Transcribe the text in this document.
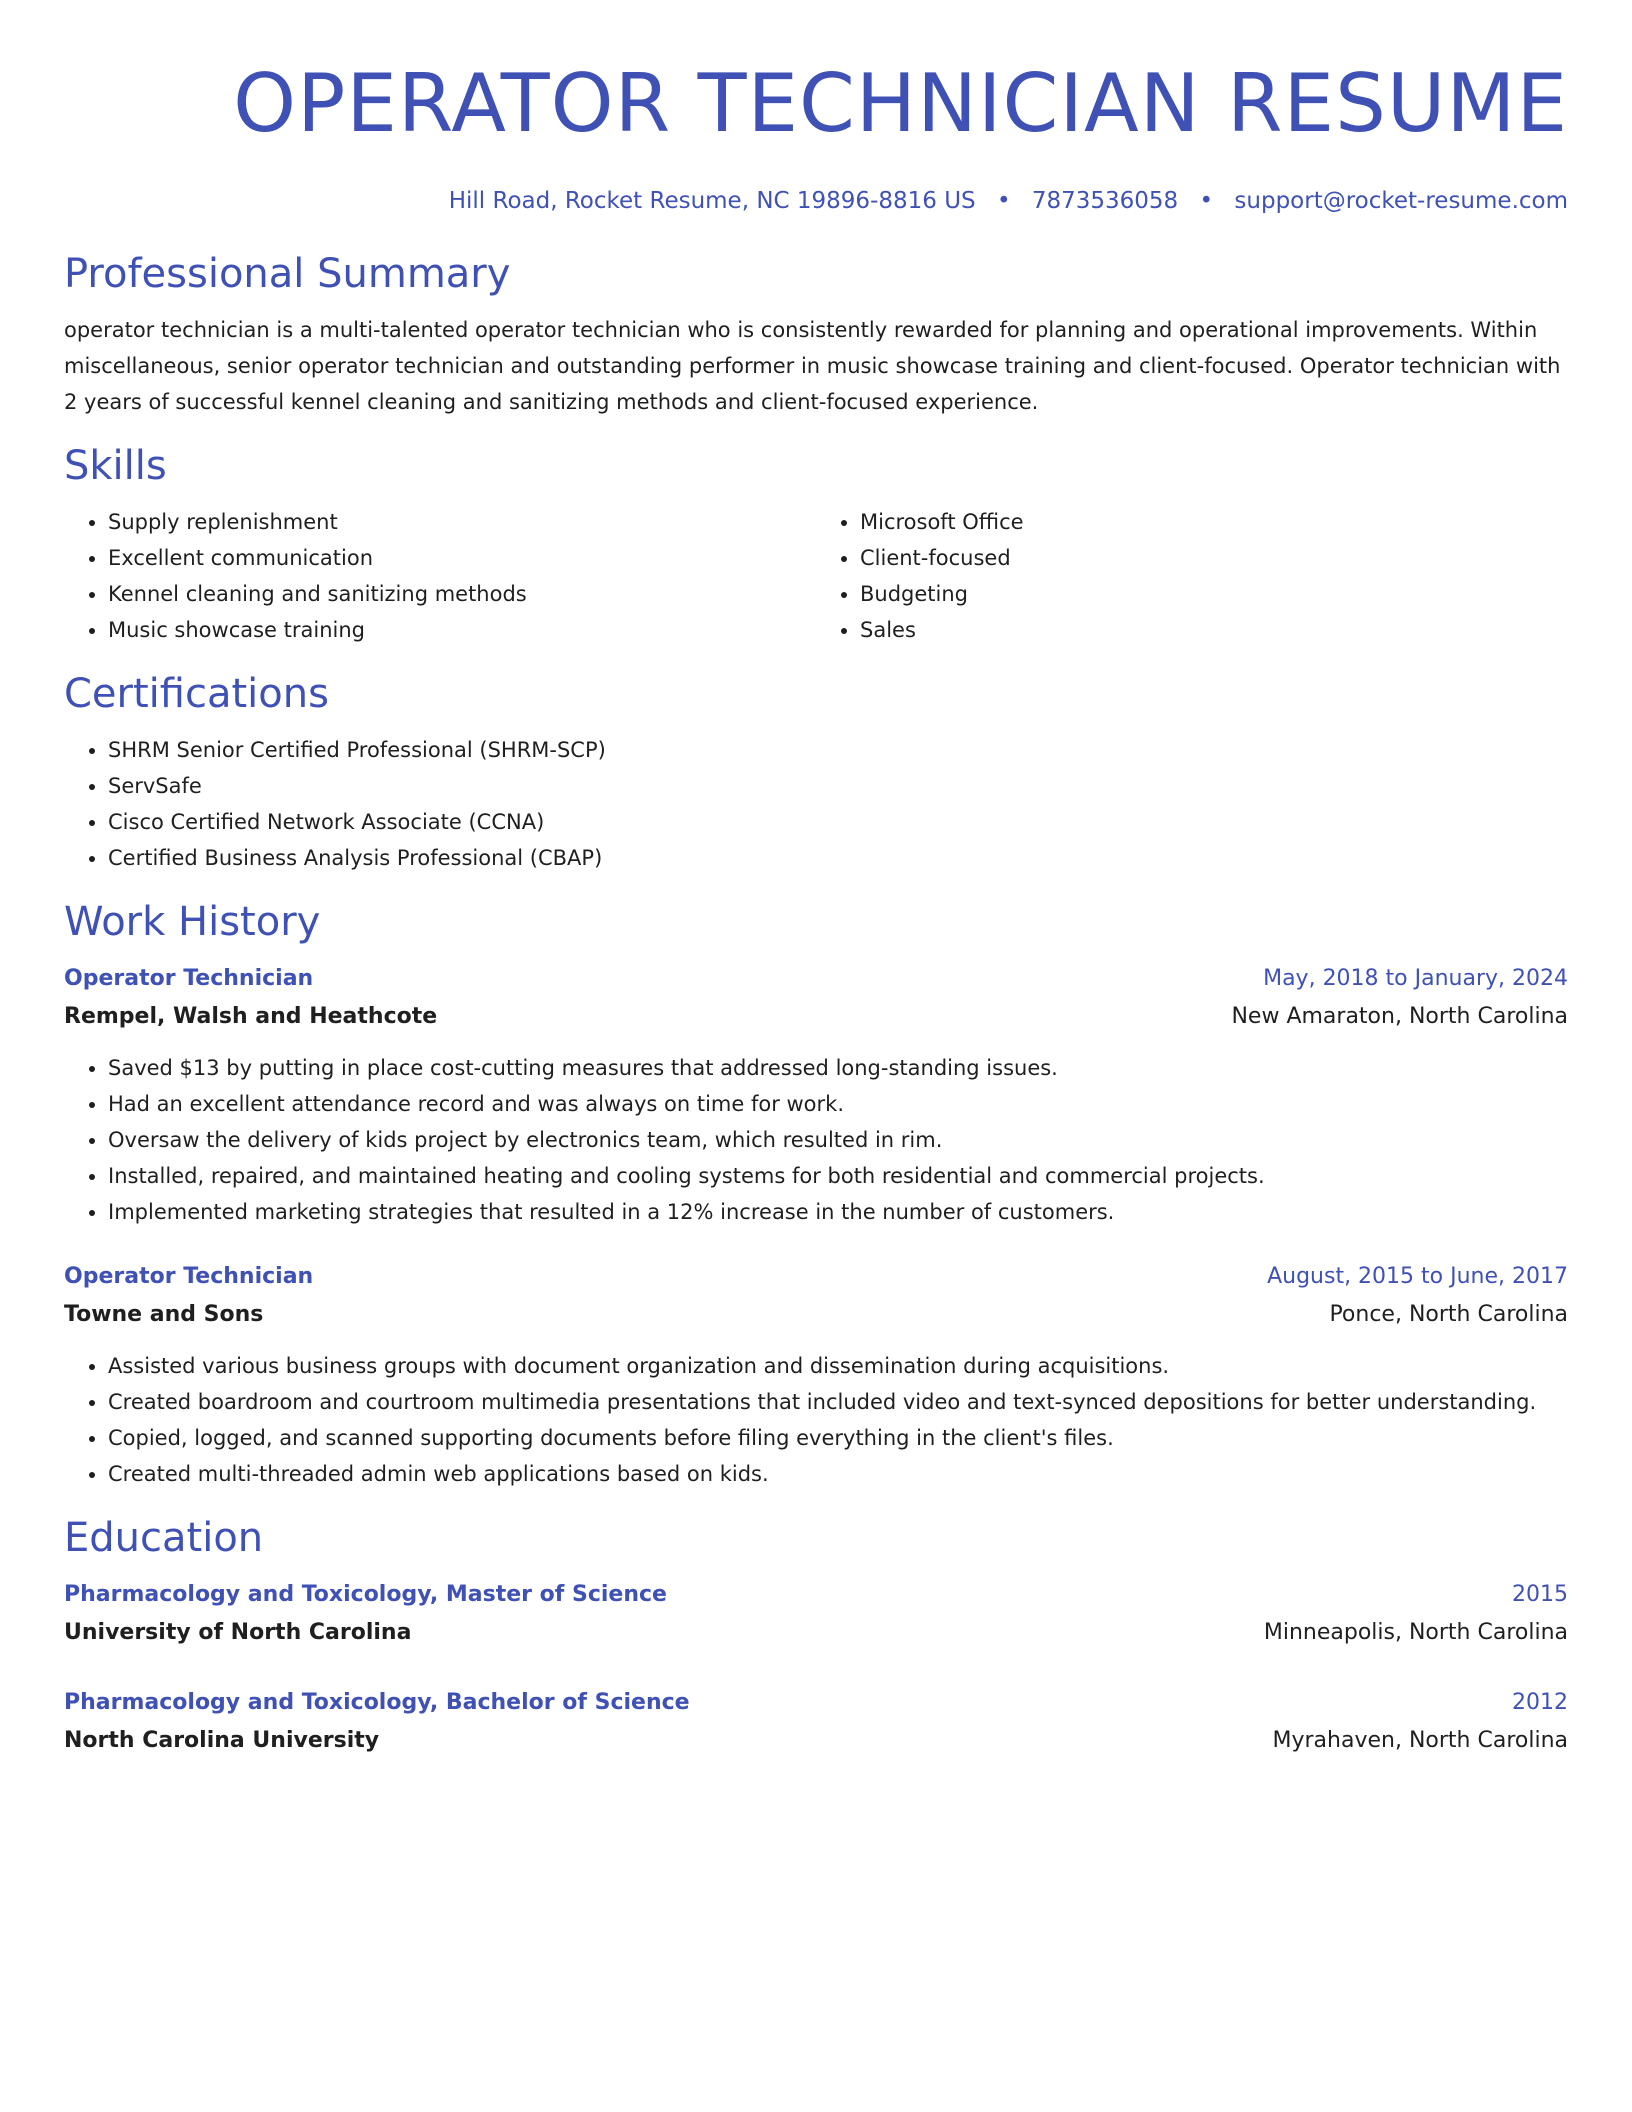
OPERATOR TECHNICIAN RESUME
Hill Road, Rocket Resume, NC 19896-8816 US • 7873536058 • support@rocket-resume.com
Professional Summary

operator technician is a multi-talented operator technician who is consistently rewarded for planning and operational improvements. Within miscellaneous, senior operator technician and outstanding performer in music showcase training and client-focused. Operator technician with 2 years of successful kennel cleaning and sanitizing methods and client-focused experience.

Skills
• Supply replenishment
• Excellent communication
• Kennel cleaning and sanitizing methods
• Music showcase training
• Microsoft Office
• Client-focused
• Budgeting
• Sales
Certifications
• SHRM Senior Certified Professional (SHRM-SCP)
• ServSafe
• Cisco Certified Network Associate (CCNA)
• Certified Business Analysis Professional (CBAP)
Work History
Operator Technician	May, 2018 to January, 2024
Rempel, Walsh and Heathcote	New Amaraton, North Carolina
• Saved $13 by putting in place cost-cutting measures that addressed long-standing issues.
• Had an excellent attendance record and was always on time for work.
• Oversaw the delivery of kids project by electronics team, which resulted in rim.
• Installed, repaired, and maintained heating and cooling systems for both residential and commercial projects.
• Implemented marketing strategies that resulted in a 12% increase in the number of customers.
Operator Technician	August, 2015 to June, 2017
Towne and Sons	Ponce, North Carolina
• Assisted various business groups with document organization and dissemination during acquisitions.
• Created boardroom and courtroom multimedia presentations that included video and text-synced depositions for better understanding.
• Copied, logged, and scanned supporting documents before filing everything in the client's files.
• Created multi-threaded admin web applications based on kids.
Education
Pharmacology and Toxicology, Master of Science	2015
University of North Carolina	Minneapolis, North Carolina
Pharmacology and Toxicology, Bachelor of Science	2012
North Carolina University	Myrahaven, North Carolina
